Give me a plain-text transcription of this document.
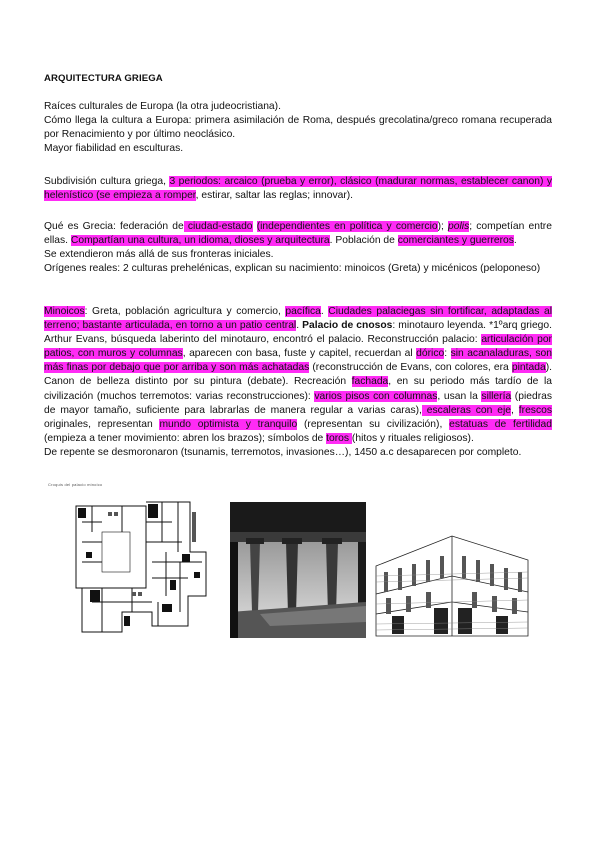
ARQUITECTURA GRIEGA
Raíces culturales de Europa (la otra judeocristiana).
Cómo llega la cultura a Europa: primera asimilación de Roma, después grecolatina/greco romana recuperada por Renacimiento y por último neoclásico.
Mayor fiabilidad en esculturas.
Subdivisión cultura griega, 3 periodos: arcaico (prueba y error), clásico (madurar normas, establecer canon) y helenístico (se empieza a romper, estirar, saltar las reglas; innovar).
Qué es Grecia: federación de ciudad-estado (independientes en política y comercio); polis; competían entre ellas. Compartían una cultura, un idioma, dioses y arquitectura. Población de comerciantes y guerreros.
Se extendieron más allá de sus fronteras iniciales.
Orígenes reales: 2 culturas prehelénicas, explican su nacimiento: minoicos (Greta) y micénicos (peloponeso)
Minoicos: Greta, población agricultura y comercio, pacífica. Ciudades palaciegas sin fortificar, adaptadas al terreno; bastante articulada, en torno a un patio central. Palacio de cnosos: minotauro leyenda. *1ºarq griego. Arthur Evans, búsqueda laberinto del minotauro, encontró el palacio. Reconstrucción palacio: articulación por patios, con muros y columnas, aparecen con basa, fuste y capitel, recuerdan al dórico: sin acanaladuras, son más finas por debajo que por arriba y son más achatadas (reconstrucción de Evans, con colores, era pintada). Canon de belleza distinto por su pintura (debate). Recreación fachada, en su periodo más tardío de la civilización (muchos terremotos: varias reconstrucciones): varios pisos con columnas, usan la sillería (piedras de mayor tamaño, suficiente para labrarlas de manera regular a varias caras), escaleras con eje, frescos originales, representan mundo optimista y tranquilo (representan su civilización), estatuas de fertilidad (empieza a tener movimiento: abren los brazos); símbolos de toros (hitos y rituales religiosos).
De repente se desmoronaron (tsunamis, terremotos, invasiones…), 1450 a.c desaparecen por completo.
Croquis del palacio minoico
